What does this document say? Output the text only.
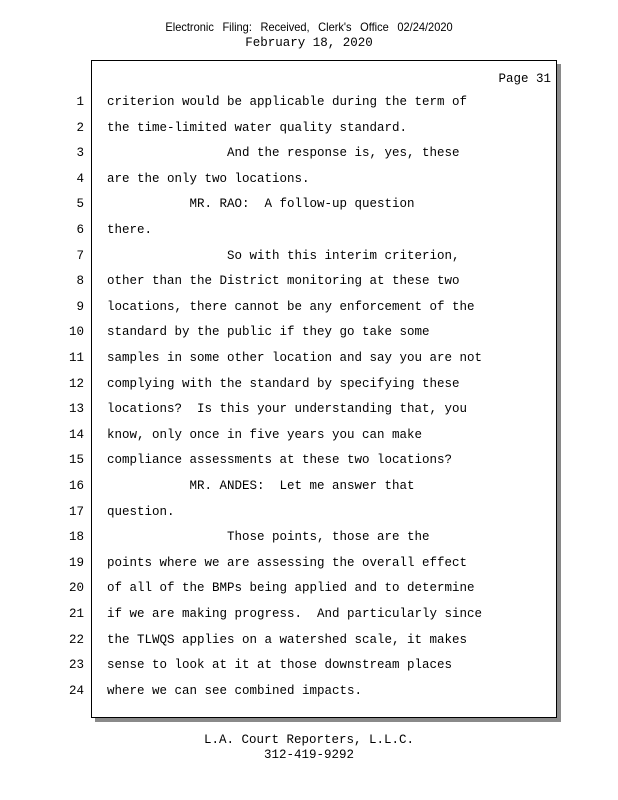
Electronic Filing: Received, Clerk's Office 02/24/2020
February 18, 2020
Page 31
1 criterion would be applicable during the term of
2 the time-limited water quality standard.
3 And the response is, yes, these
4 are the only two locations.
5 MR. RAO:  A follow-up question
6 there.
7 So with this interim criterion,
8 other than the District monitoring at these two
9 locations, there cannot be any enforcement of the
10 standard by the public if they go take some
11 samples in some other location and say you are not
12 complying with the standard by specifying these
13 locations?  Is this your understanding that, you
14 know, only once in five years you can make
15 compliance assessments at these two locations?
16 MR. ANDES:  Let me answer that
17 question.
18 Those points, those are the
19 points where we are assessing the overall effect
20 of all of the BMPs being applied and to determine
21 if we are making progress.  And particularly since
22 the TLWQS applies on a watershed scale, it makes
23 sense to look at it at those downstream places
24 where we can see combined impacts.
L.A. Court Reporters, L.L.C.
312-419-9292
